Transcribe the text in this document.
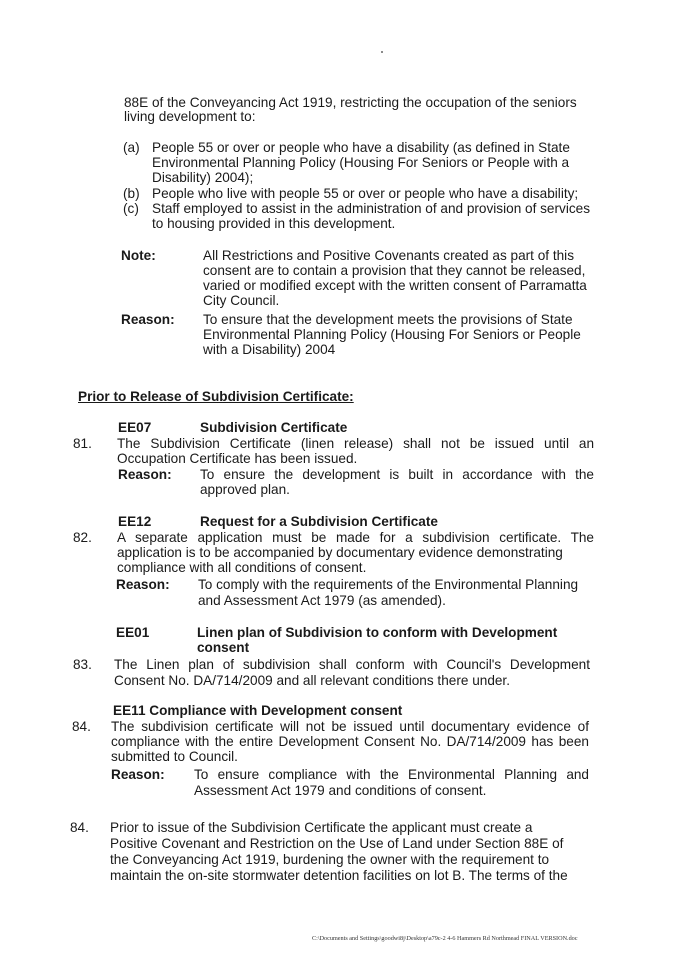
88E of the Conveyancing Act 1919, restricting the occupation of the seniors
living development to:
(a) People 55 or over or people who have a disability (as defined in State
Environmental Planning Policy (Housing For Seniors or People with a
Disability) 2004);
(b) People who live with people 55 or over or people who have a disability;
(c) Staff employed to assist in the administration of and provision of services
to housing provided in this development.
Note:	All Restrictions and Positive Covenants created as part of this
consent are to contain a provision that they cannot be released,
varied or modified except with the written consent of Parramatta
City Council.
Reason: To ensure that the development meets the provisions of State
Environmental Planning Policy (Housing For Seniors or People
with a Disability) 2004
Prior to Release of Subdivision Certificate:
EE07	Subdivision Certificate
81. The Subdivision Certificate (linen release) shall not be issued until an
Occupation Certificate has been issued.
Reason: To ensure the development is built in accordance with the
approved plan.
EE12	Request for a Subdivision Certificate
82. A separate application must be made for a subdivision certificate. The
application is to be accompanied by documentary evidence demonstrating
compliance with all conditions of consent.
Reason: To comply with the requirements of the Environmental Planning
and Assessment Act 1979 (as amended).
EE01	Linen plan of Subdivision to conform with Development
consent
83. The Linen plan of subdivision shall conform with Council's Development
Consent No. DA/714/2009 and all relevant conditions there under.
EE11 Compliance with Development consent
84. The subdivision certificate will not be issued until documentary evidence of
compliance with the entire Development Consent No. DA/714/2009 has been
submitted to Council.
Reason: To ensure compliance with the Environmental Planning and
Assessment Act 1979 and conditions of consent.
84. Prior to issue of the Subdivision Certificate the applicant must create a
Positive Covenant and Restriction on the Use of Land under Section 88E of
the Conveyancing Act 1919, burdening the owner with the requirement to
maintain the on-site stormwater detention facilities on lot B. The terms of the
C:\Documents and Settings\goodwi8j\Desktop\a79c-2 4-6 Hammers Rd Northmead FINAL VERSION.doc
